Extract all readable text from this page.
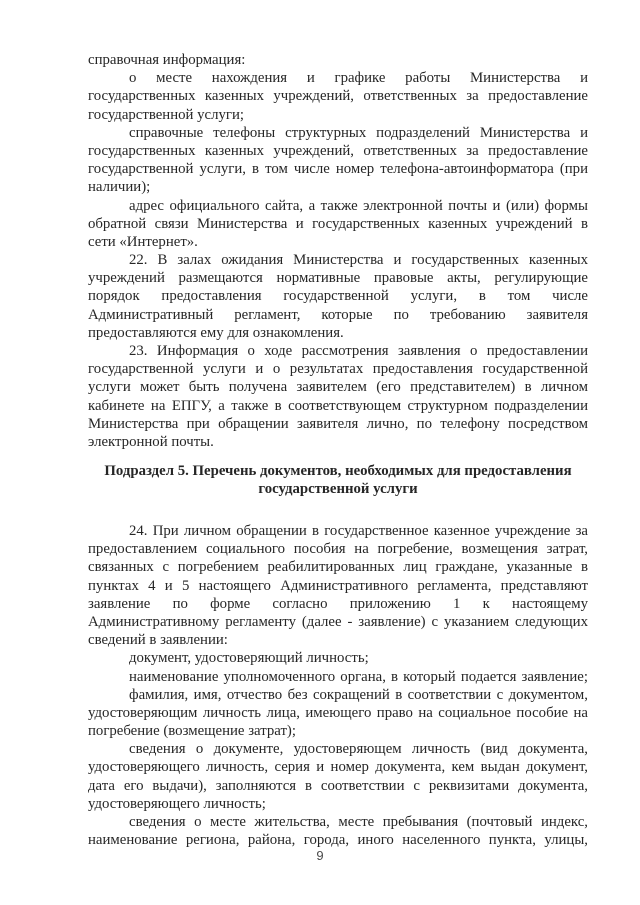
справочная информация:
о месте нахождения и графике работы Министерства и
государственных казенных учреждений, ответственных за предоставление
государственной услуги;
справочные телефоны структурных подразделений Министерства и
государственных казенных учреждений, ответственных за предоставление
государственной услуги, в том числе номер телефона-автоинформатора (при
наличии);
адрес официального сайта, а также электронной почты и (или) формы
обратной связи Министерства и государственных казенных учреждений в
сети «Интернет».
22. В залах ожидания Министерства и государственных казенных
учреждений размещаются нормативные правовые акты, регулирующие
порядок предоставления государственной услуги, в том числе
Административный регламент, которые по требованию заявителя
предоставляются ему для ознакомления.
23. Информация о ходе рассмотрения заявления о предоставлении
государственной услуги и о результатах предоставления государственной
услуги может быть получена заявителем (его представителем) в личном
кабинете на ЕПГУ, а также в соответствующем структурном подразделении
Министерства при обращении заявителя лично, по телефону посредством
электронной почты.
Подраздел 5. Перечень документов, необходимых для предоставления
государственной услуги
24. При личном обращении в государственное казенное учреждение за
предоставлением социального пособия на погребение, возмещения затрат,
связанных с погребением реабилитированных лиц граждане, указанные в
пунктах 4 и 5 настоящего Административного регламента, представляют
заявление по форме согласно приложению 1 к настоящему
Административному регламенту (далее - заявление) с указанием следующих
сведений в заявлении:
документ, удостоверяющий личность;
наименование уполномоченного органа, в который подается заявление;
фамилия, имя, отчество без сокращений в соответствии с документом,
удостоверяющим личность лица, имеющего право на социальное пособие на
погребение (возмещение затрат);
сведения о документе, удостоверяющем личность (вид документа,
удостоверяющего личность, серия и номер документа, кем выдан документ,
дата его выдачи), заполняются в соответствии с реквизитами документа,
удостоверяющего личность;
сведения о месте жительства, месте пребывания (почтовый индекс,
наименование региона, района, города, иного населенного пункта, улицы,
9
